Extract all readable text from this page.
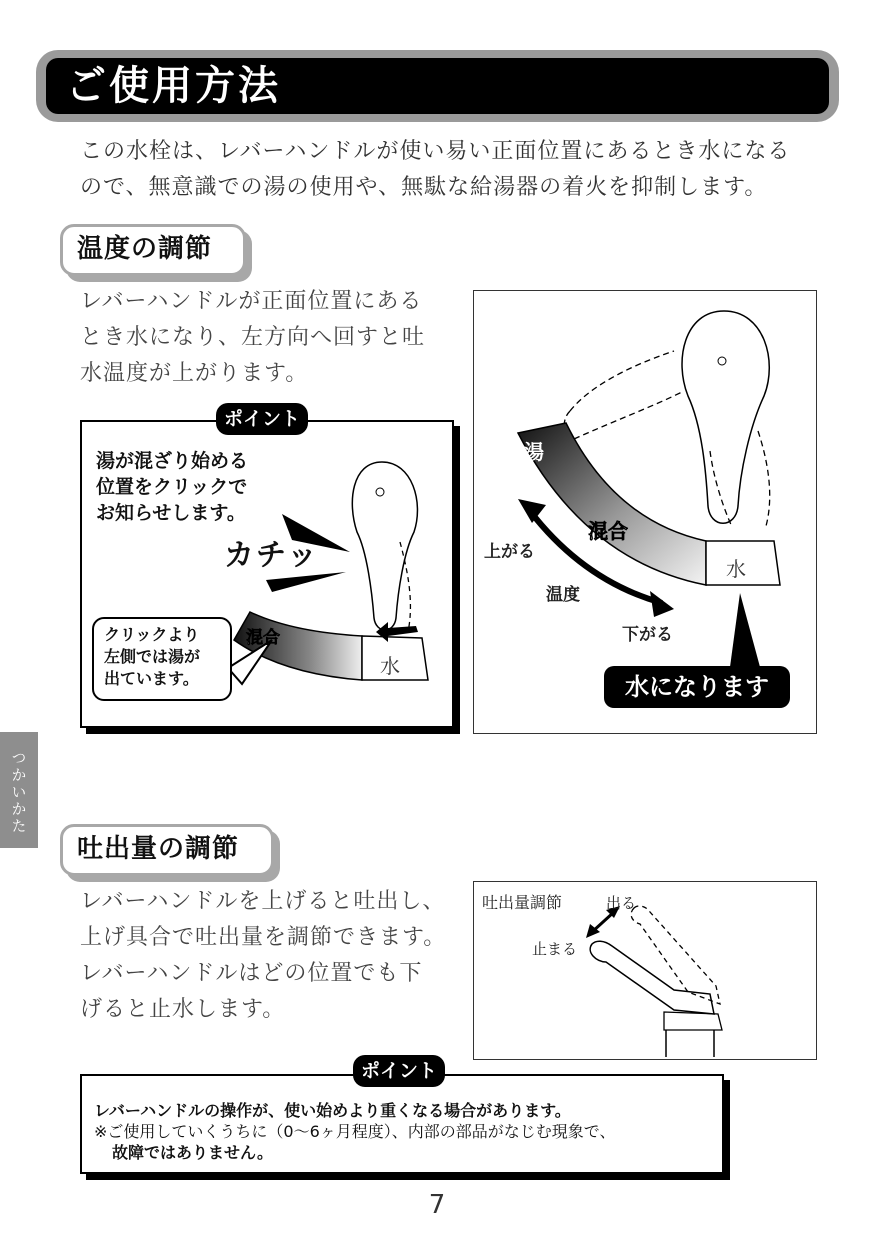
ご使用方法
この水栓は、レバーハンドルが使い易い正面位置にあるとき水になる
ので、無意識での湯の使用や、無駄な給湯器の着火を抑制します。
温度の調節
レバーハンドルが正面位置にある
とき水になり、左方向へ回すと吐
水温度が上がります。
ポイント
湯が混ざり始める
位置をクリックで
お知らせします。
カチッ
混合
水
クリックより
左側では湯が
出ています。
湯
混合
水
上がる
温度
下がる
水になります
つかいかた
吐出量の調節
レバーハンドルを上げると吐出し、
上げ具合で吐出量を調節できます。
レバーハンドルはどの位置でも下
げると止水します。
吐出量調節	出る
止まる
ポイント
レバーハンドルの操作が、使い始めより重くなる場合があります。
※ご使用していくうちに（0〜6ヶ月程度）、内部の部品がなじむ現象で、
故障ではありません。
7
